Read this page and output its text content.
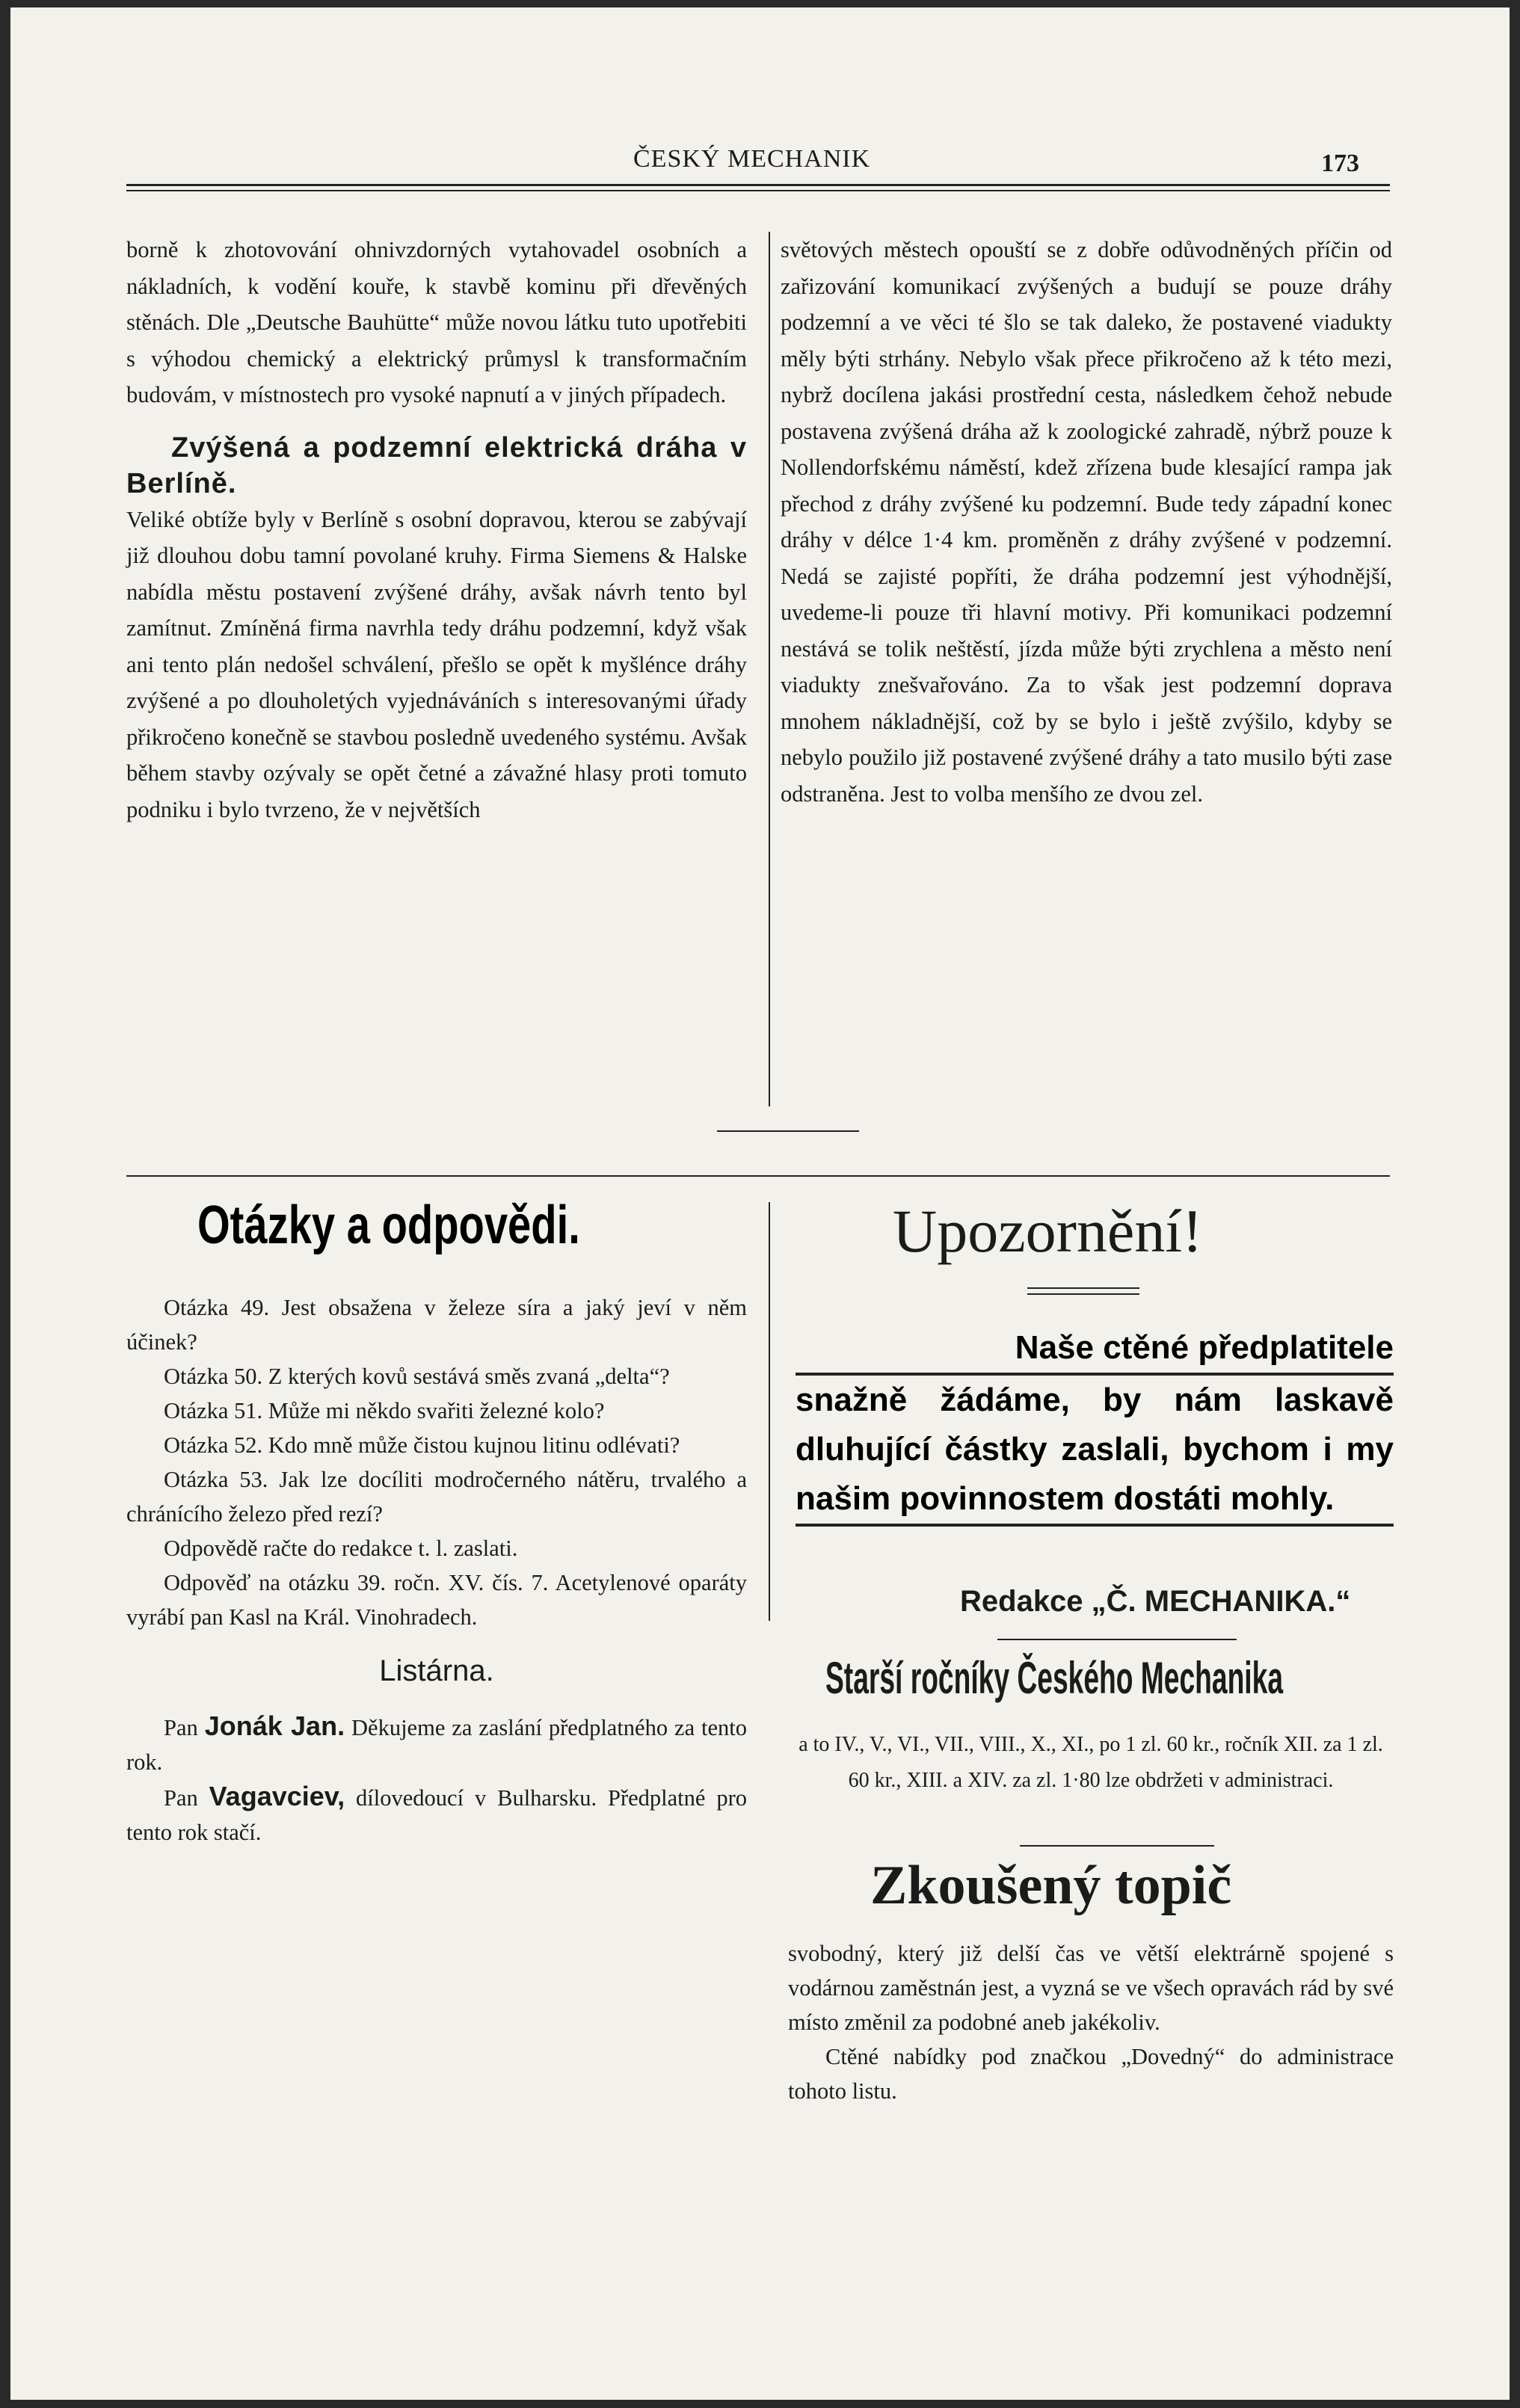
ČESKÝ MECHANIK	173

borně k zhotovování ohnivzdorných vytahovadel osobních a nákladních, k vodění kouře, k stavbě kominu při dřevěných stěnách. Dle „Deutsche Bauhütte“ může novou látku tuto upotřebiti s výhodou chemický a elektrický průmysl k transformačním budovám, v místnostech pro vysoké napnutí a v jiných případech.

Zvýšená a podzemní elektrická dráha v Berlíně.

Veliké obtíže byly v Berlíně s osobní dopravou, kterou se zabývají již dlouhou dobu tamní povolané kruhy. Firma Siemens & Halske nabídla městu postavení zvýšené dráhy, avšak návrh tento byl zamítnut. Zmíněná firma navrhla tedy dráhu podzemní, když však ani tento plán nedošel schválení, přešlo se opět k myšlénce dráhy zvýšené a po dlouholetých vyjednáváních s interesovanými úřady přikročeno konečně se stavbou posledně uvedeného systému. Avšak během stavby ozývaly se opět četné a závažné hlasy proti tomuto podniku i bylo tvrzeno, že v největších

světových městech opouští se z dobře odůvodněných příčin od zařizování komunikací zvýšených a budují se pouze dráhy podzemní a ve věci té šlo se tak daleko, že postavené viadukty měly býti strhány. Nebylo však přece přikročeno až k této mezi, nybrž docílena jakási prostřední cesta, následkem čehož nebude postavena zvýšená dráha až k zoologické zahradě, nýbrž pouze k Nollendorfskému náměstí, kdež zřízena bude klesající rampa jak přechod z dráhy zvýšené ku podzemní. Bude tedy západní konec dráhy v délce 1·4 km. proměněn z dráhy zvýšené v podzemní. Nedá se zajisté popříti, že dráha podzemní jest výhodnější, uvedeme-li pouze tři hlavní motivy. Při komunikaci podzemní nestává se tolik neštěstí, jízda může býti zrychlena a město není viadukty znešvařováno. Za to však jest podzemní doprava mnohem nákladnější, což by se bylo i ještě zvýšilo, kdyby se nebylo použilo již postavené zvýšené dráhy a tato musilo býti zase odstraněna. Jest to volba menšího ze dvou zel.

Otázky a odpovědi.

Otázka 49. Jest obsažena v železe síra a jaký jeví v něm účinek?

Otázka 50. Z kterých kovů sestává směs zvaná „delta“?

Otázka 51. Může mi někdo svařiti železné kolo?

Otázka 52. Kdo mně může čistou kujnou litinu odlévati?

Otázka 53. Jak lze docíliti modročerného nátěru, trvalého a chránícího železo před rezí?

Odpovědě račte do redakce t. l. zaslati.

Odpověď na otázku 39. ročn. XV. čís. 7. Acetylenové oparáty vyrábí pan Kasl na Král. Vinohradech.

Listárna.

Pan Jonák Jan. Děkujeme za zaslání předplatného za tento rok.

Pan Vagavciev, dílovedoucí v Bulharsku. Předplatné pro tento rok stačí.

Upozornění!
Naše ctěné předplatitele
snažně žádáme, by nám laskavě dluhující částky zaslali, bychom i my našim povinnostem dostáti mohly.
Redakce „Č. MECHANIKA.“
Starší ročníky Českého Mechanika
a to IV., V., VI., VII., VIII., X., XI., po 1 zl. 60 kr., ročník XII. za 1 zl. 60 kr., XIII. a XIV. za zl. 1·80 lze obdržeti v administraci.
Zkoušený topič

svobodný, který již delší čas ve větší elektrárně spojené s vodárnou zaměstnán jest, a vyzná se ve všech opravách rád by své místo změnil za podobné aneb jakékoliv.

Ctěné nabídky pod značkou „Dovedný“ do administrace tohoto listu.
